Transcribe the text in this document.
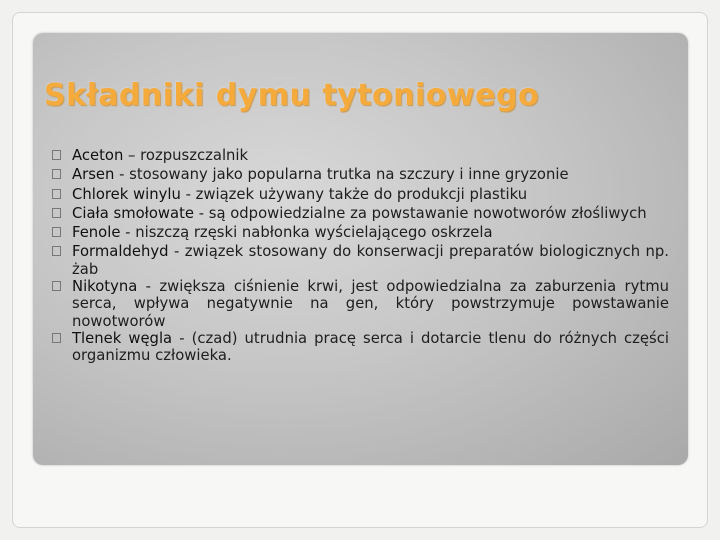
Składniki dymu tytoniowego
Aceton – rozpuszczalnik
Arsen - stosowany jako popularna trutka na szczury i inne gryzonie
Chlorek winylu - związek używany także do produkcji plastiku
Ciała smołowate - są odpowiedzialne za powstawanie nowotworów złośliwych
Fenole - niszczą rzęski nabłonka wyścielającego oskrzela
Formaldehyd - związek stosowany do konserwacji preparatów biologicznych np. żab
Nikotyna - zwiększa ciśnienie krwi, jest odpowiedzialna za zaburzenia rytmu serca, wpływa negatywnie na gen, który powstrzymuje powstawanie nowotworów
Tlenek węgla - (czad) utrudnia pracę serca i dotarcie tlenu do różnych części organizmu człowieka.
